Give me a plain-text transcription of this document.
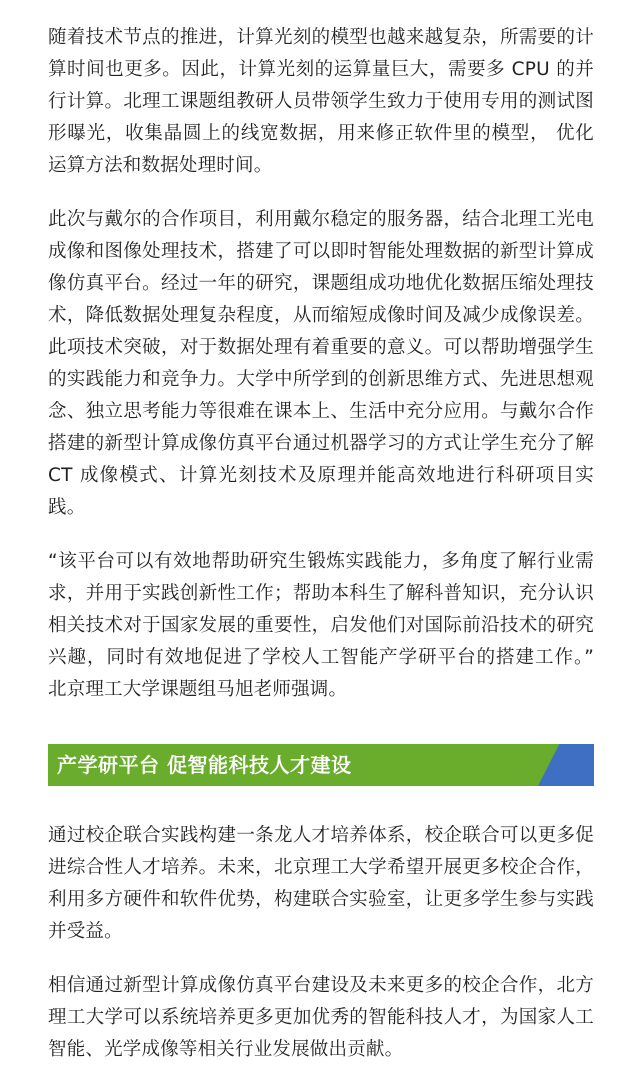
随着技术节点的推进，计算光刻的模型也越来越复杂，所需要的计算时间也更多。因此，计算光刻的运算量巨大，需要多 CPU 的并行计算。北理工课题组教研人员带领学生致力于使用专用的测试图形曝光，收集晶圆上的线宽数据，用来修正软件里的模型， 优化运算方法和数据处理时间。

此次与戴尔的合作项目，利用戴尔稳定的服务器，结合北理工光电成像和图像处理技术，搭建了可以即时智能处理数据的新型计算成像仿真平台。经过一年的研究，课题组成功地优化数据压缩处理技术，降低数据处理复杂程度，从而缩短成像时间及减少成像误差。此项技术突破，对于数据处理有着重要的意义。可以帮助增强学生的实践能力和竞争力。大学中所学到的创新思维方式、先进思想观念、独立思考能力等很难在课本上、生活中充分应用。与戴尔合作搭建的新型计算成像仿真平台通过机器学习的方式让学生充分了解 CT 成像模式、计算光刻技术及原理并能高效地进行科研项目实践。

“该平台可以有效地帮助研究生锻炼实践能力，多角度了解行业需求，并用于实践创新性工作；帮助本科生了解科普知识，充分认识相关技术对于国家发展的重要性，启发他们对国际前沿技术的研究兴趣，同时有效地促进了学校人工智能产学研平台的搭建工作。” 北京理工大学课题组马旭老师强调。

产学研平台 促智能科技人才建设

通过校企联合实践构建一条龙人才培养体系，校企联合可以更多促进综合性人才培养。未来，北京理工大学希望开展更多校企合作，利用多方硬件和软件优势，构建联合实验室，让更多学生参与实践并受益。

相信通过新型计算成像仿真平台建设及未来更多的校企合作，北方理工大学可以系统培养更多更加优秀的智能科技人才，为国家人工智能、光学成像等相关行业发展做出贡献。
